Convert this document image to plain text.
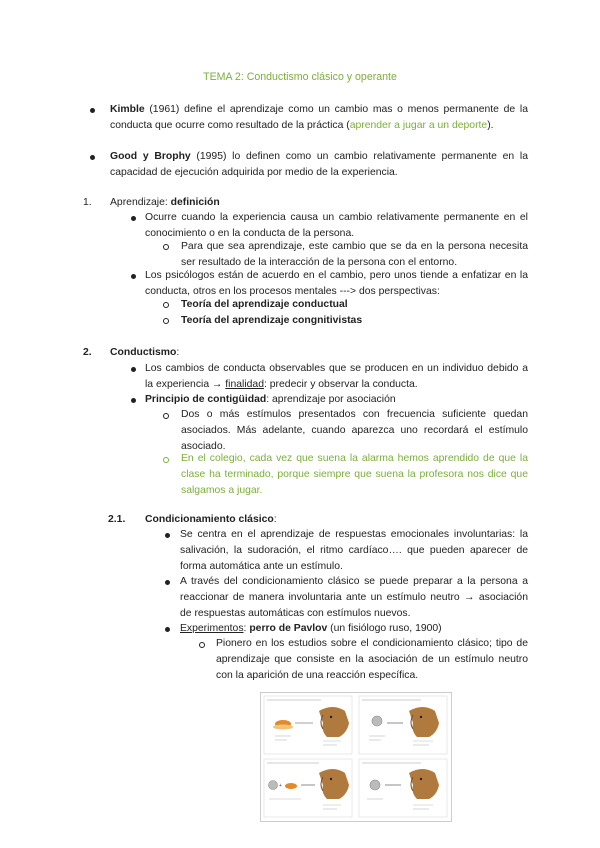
TEMA 2: Conductismo clásico y operante
Kimble (1961) define el aprendizaje como un cambio mas o menos permanente de la conducta que ocurre como resultado de la práctica (aprender a jugar a un deporte).
Good y Brophy (1995) lo definen como un cambio relativamente permanente en la capacidad de ejecución adquirida por medio de la experiencia.
1. Aprendizaje: definición
Ocurre cuando la experiencia causa un cambio relativamente permanente en el conocimiento o en la conducta de la persona.
Para que sea aprendizaje, este cambio que se da en la persona necesita ser resultado de la interacción de la persona con el entorno.
Los psicólogos están de acuerdo en el cambio, pero unos tiende a enfatizar en la conducta, otros en los procesos mentales ---> dos perspectivas:
Teoría del aprendizaje conductual
Teoría del aprendizaje congnitivistas
2. Conductismo:
Los cambios de conducta observables que se producen en un individuo debido a la experiencia → finalidad: predecir y observar la conducta.
Principio de contigüidad: aprendizaje por asociación
Dos o más estímulos presentados con frecuencia suficiente quedan asociados. Más adelante, cuando aparezca uno recordará el estímulo asociado.
En el colegio, cada vez que suena la alarma hemos aprendido de que la clase ha terminado, porque siempre que suena la profesora nos dice que salgamos a jugar.
2.1. Condicionamiento clásico:
Se centra en el aprendizaje de respuestas emocionales involuntarias: la salivación, la sudoración, el ritmo cardíaco…. que pueden aparecer de forma automática ante un estímulo.
A través del condicionamiento clásico se puede preparar a la persona a reaccionar de manera involuntaria ante un estímulo neutro → asociación de respuestas automáticas con estímulos nuevos.
Experimentos: perro de Pavlov (un fisiólogo ruso, 1900)
Pionero en los estudios sobre el condicionamiento clásico; tipo de aprendizaje que consiste en la asociación de un estímulo neutro con la aparición de una reacción específica.
+
